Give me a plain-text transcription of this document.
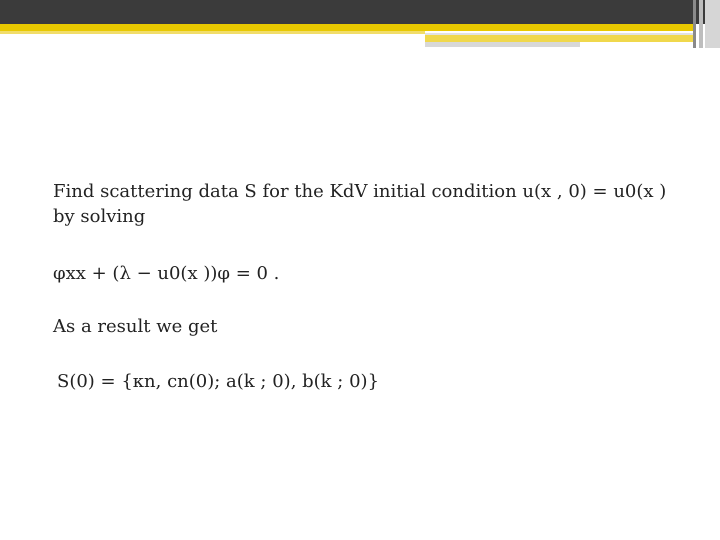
Find scattering data S for the KdV initial condition u(x , 0) = u0(x ) by solving

φxx + (λ − u0(x ))φ = 0 .

As a result we get

S(0) = {κn, cn(0); a(k ; 0), b(k ; 0)}
